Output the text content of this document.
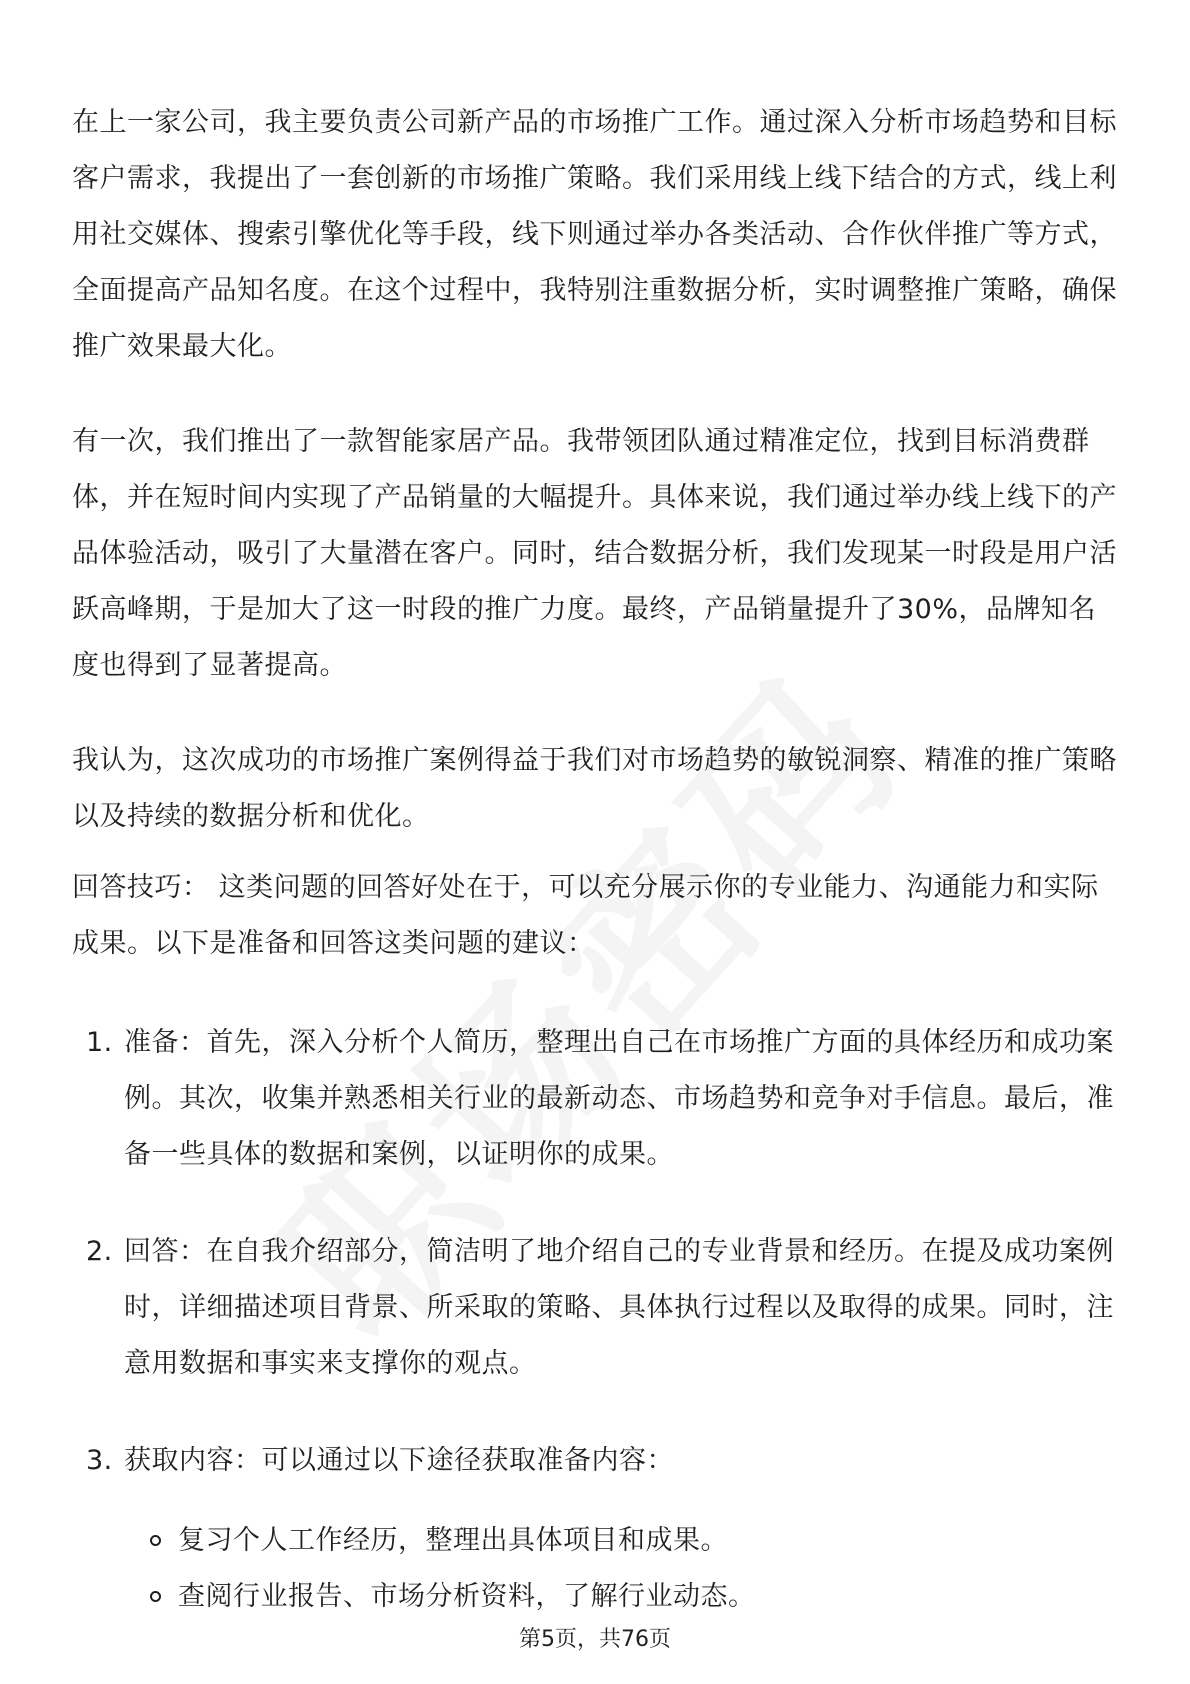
在上一家公司，我主要负责公司新产品的市场推广工作。通过深入分析市场趋势和目标客户需求，我提出了一套创新的市场推广策略。我们采用线上线下结合的方式，线上利用社交媒体、搜索引擎优化等手段，线下则通过举办各类活动、合作伙伴推广等方式，全面提高产品知名度。在这个过程中，我特别注重数据分析，实时调整推广策略，确保推广效果最大化。

有一次，我们推出了一款智能家居产品。我带领团队通过精准定位，找到目标消费群体，并在短时间内实现了产品销量的大幅提升。具体来说，我们通过举办线上线下的产品体验活动，吸引了大量潜在客户。同时，结合数据分析，我们发现某一时段是用户活跃高峰期，于是加大了这一时段的推广力度。最终，产品销量提升了30%，品牌知名度也得到了显著提高。

我认为，这次成功的市场推广案例得益于我们对市场趋势的敏锐洞察、精准的推广策略以及持续的数据分析和优化。

回答技巧： 这类问题的回答好处在于，可以充分展示你的专业能力、沟通能力和实际成果。以下是准备和回答这类问题的建议：

1. 准备：首先，深入分析个人简历，整理出自己在市场推广方面的具体经历和成功案例。其次，收集并熟悉相关行业的最新动态、市场趋势和竞争对手信息。最后，准备一些具体的数据和案例，以证明你的成果。
2. 回答：在自我介绍部分，简洁明了地介绍自己的专业背景和经历。在提及成功案例时，详细描述项目背景、所采取的策略、具体执行过程以及取得的成果。同时，注意用数据和事实来支撑你的观点。
3. 获取内容：可以通过以下途径获取准备内容：
复习个人工作经历，整理出具体项目和成果。
查阅行业报告、市场分析资料，了解行业动态。
第5页，共76页
